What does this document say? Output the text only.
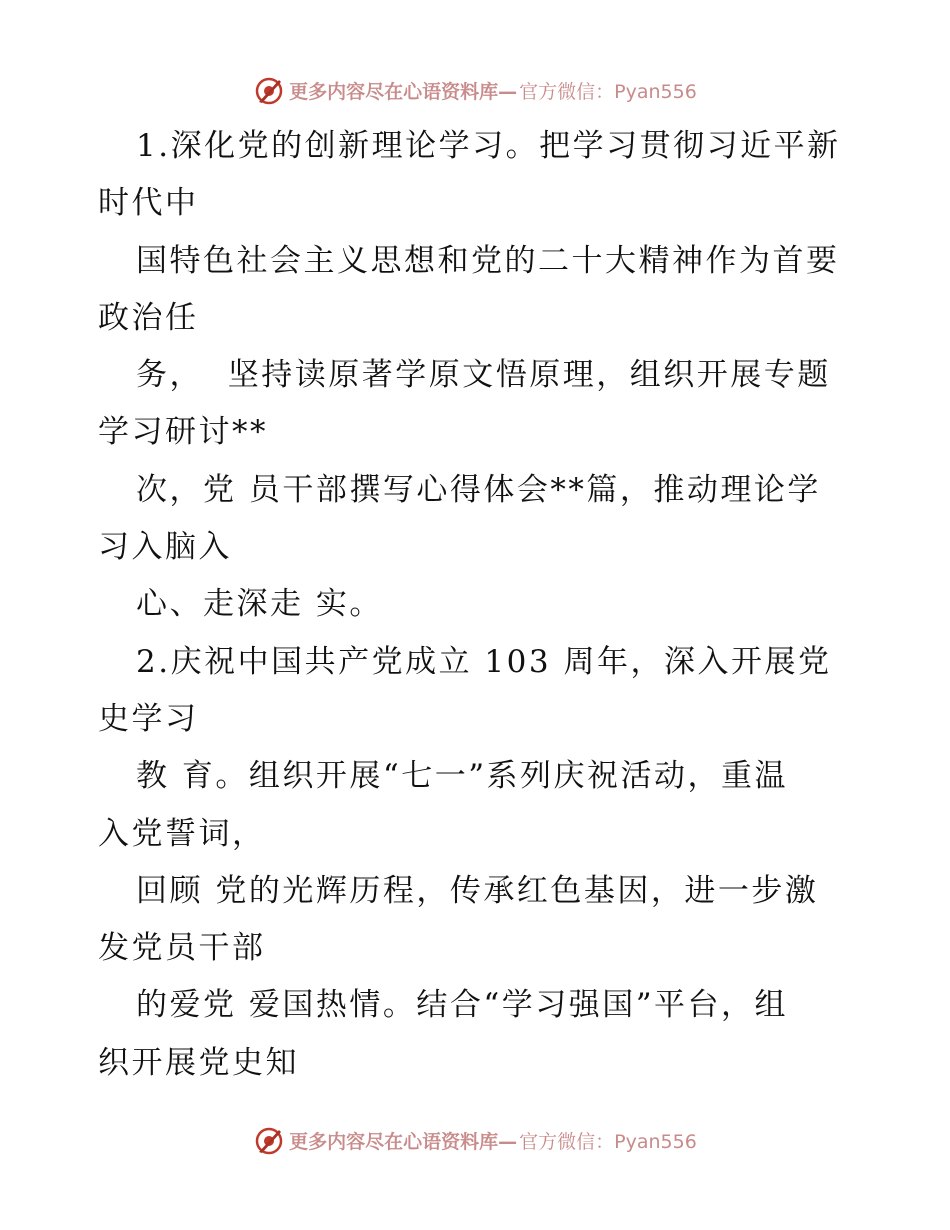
更多内容尽在心语资料库— 官方微信：Pyan556
1.深化党的创新理论学习。把学习贯彻习近平新
时代中
国特色社会主义思想和党的二十大精神作为首要
政治任
务，  坚持读原著学原文悟原理，组织开展专题
学习研讨**
次，党 员干部撰写心得体会**篇，推动理论学
习入脑入
心、走深走 实。
2.庆祝中国共产党成立 103 周年，深入开展党
史学习
教 育。组织开展“七一”系列庆祝活动，重温
入党誓词，
回顾 党的光辉历程，传承红色基因，进一步激
发党员干部
的爱党 爱国热情。结合“学习强国”平台，组
织开展党史知
更多内容尽在心语资料库— 官方微信：Pyan556
